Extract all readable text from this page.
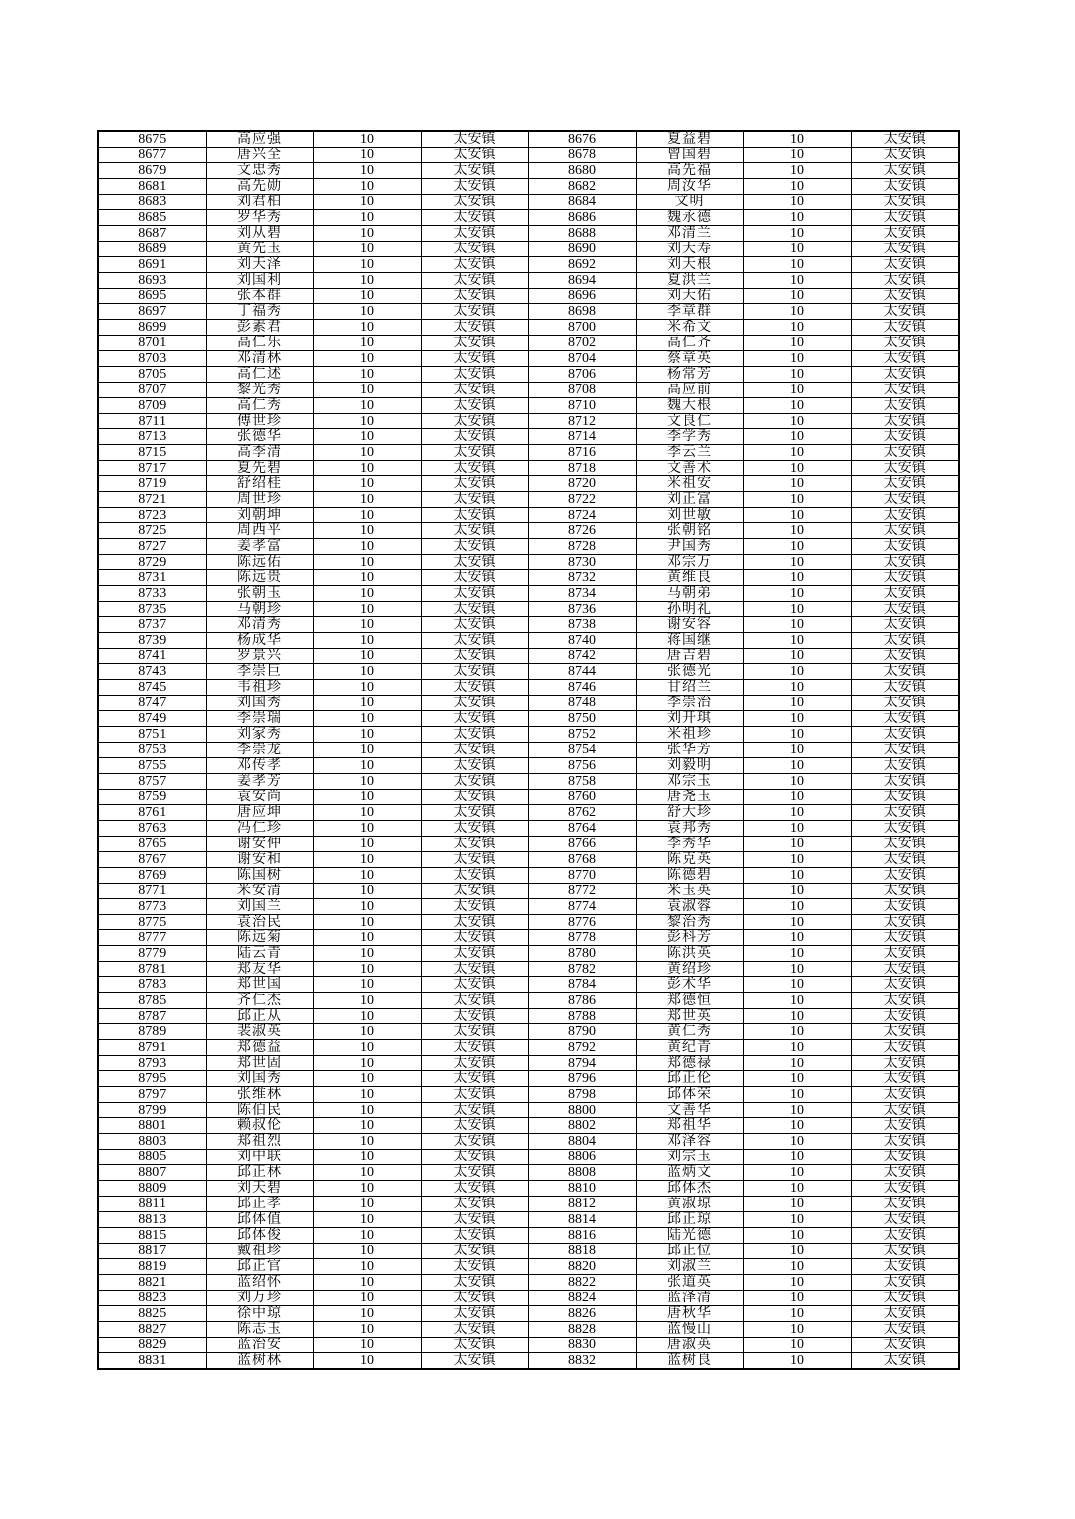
8675	高应强	10	太安镇	8676	夏益碧	10	太安镇
8677	唐兴全	10	太安镇	8678	曾国碧	10	太安镇
8679	文忠秀	10	太安镇	8680	高先福	10	太安镇
8681	高先勋	10	太安镇	8682	周汝华	10	太安镇
8683	刘君柏	10	太安镇	8684	文明	10	太安镇
8685	罗华秀	10	太安镇	8686	魏永德	10	太安镇
8687	刘从碧	10	太安镇	8688	邓清兰	10	太安镇
8689	黄先玉	10	太安镇	8690	刘天寿	10	太安镇
8691	刘天泽	10	太安镇	8692	刘天根	10	太安镇
8693	刘国利	10	太安镇	8694	夏洪兰	10	太安镇
8695	张本群	10	太安镇	8696	刘天佑	10	太安镇
8697	丁福秀	10	太安镇	8698	李章群	10	太安镇
8699	彭素君	10	太安镇	8700	米希文	10	太安镇
8701	高仁乐	10	太安镇	8702	高仁齐	10	太安镇
8703	邓清林	10	太安镇	8704	蔡章英	10	太安镇
8705	高仁述	10	太安镇	8706	杨常芳	10	太安镇
8707	黎光秀	10	太安镇	8708	高应前	10	太安镇
8709	高仁秀	10	太安镇	8710	魏大根	10	太安镇
8711	傅世珍	10	太安镇	8712	文良仁	10	太安镇
8713	张德华	10	太安镇	8714	李学秀	10	太安镇
8715	高李清	10	太安镇	8716	李云兰	10	太安镇
8717	夏先碧	10	太安镇	8718	文善术	10	太安镇
8719	舒绍桂	10	太安镇	8720	米祖安	10	太安镇
8721	周世珍	10	太安镇	8722	刘正富	10	太安镇
8723	刘朝坤	10	太安镇	8724	刘世敏	10	太安镇
8725	周西平	10	太安镇	8726	张朝铭	10	太安镇
8727	姜孝富	10	太安镇	8728	尹国秀	10	太安镇
8729	陈远佑	10	太安镇	8730	邓宗万	10	太安镇
8731	陈远贵	10	太安镇	8732	黄维良	10	太安镇
8733	张朝玉	10	太安镇	8734	马朝弟	10	太安镇
8735	马朝珍	10	太安镇	8736	孙明礼	10	太安镇
8737	邓清秀	10	太安镇	8738	谢安容	10	太安镇
8739	杨成华	10	太安镇	8740	蒋国继	10	太安镇
8741	罗景兴	10	太安镇	8742	唐吉碧	10	太安镇
8743	李崇巨	10	太安镇	8744	张德光	10	太安镇
8745	韦祖珍	10	太安镇	8746	甘绍兰	10	太安镇
8747	刘国秀	10	太安镇	8748	李崇治	10	太安镇
8749	李崇瑞	10	太安镇	8750	刘开琪	10	太安镇
8751	刘家秀	10	太安镇	8752	米祖珍	10	太安镇
8753	李崇龙	10	太安镇	8754	张华芳	10	太安镇
8755	邓传孝	10	太安镇	8756	刘毅明	10	太安镇
8757	姜孝芳	10	太安镇	8758	邓宗玉	10	太安镇
8759	袁安尚	10	太安镇	8760	唐尧玉	10	太安镇
8761	唐应坤	10	太安镇	8762	舒大珍	10	太安镇
8763	冯仁珍	10	太安镇	8764	袁邦秀	10	太安镇
8765	谢安仲	10	太安镇	8766	李秀华	10	太安镇
8767	谢安和	10	太安镇	8768	陈克英	10	太安镇
8769	陈国树	10	太安镇	8770	陈德碧	10	太安镇
8771	米安清	10	太安镇	8772	米玉英	10	太安镇
8773	刘国兰	10	太安镇	8774	袁淑蓉	10	太安镇
8775	袁治民	10	太安镇	8776	黎治秀	10	太安镇
8777	陈远菊	10	太安镇	8778	彭科芳	10	太安镇
8779	陆云青	10	太安镇	8780	陈洪英	10	太安镇
8781	郑友华	10	太安镇	8782	黄绍珍	10	太安镇
8783	郑世国	10	太安镇	8784	彭术华	10	太安镇
8785	齐仁杰	10	太安镇	8786	郑德恒	10	太安镇
8787	邱正从	10	太安镇	8788	郑世英	10	太安镇
8789	裴淑英	10	太安镇	8790	黄仁秀	10	太安镇
8791	郑德益	10	太安镇	8792	黄纪青	10	太安镇
8793	郑世固	10	太安镇	8794	郑德禄	10	太安镇
8795	刘国秀	10	太安镇	8796	邱正伦	10	太安镇
8797	张维林	10	太安镇	8798	邱体荣	10	太安镇
8799	陈伯民	10	太安镇	8800	文善华	10	太安镇
8801	赖叔伦	10	太安镇	8802	郑祖华	10	太安镇
8803	郑祖烈	10	太安镇	8804	邓泽容	10	太安镇
8805	刘中联	10	太安镇	8806	刘宗玉	10	太安镇
8807	邱正林	10	太安镇	8808	蓝炳文	10	太安镇
8809	刘天碧	10	太安镇	8810	邱体杰	10	太安镇
8811	邱正孝	10	太安镇	8812	黄淑琼	10	太安镇
8813	邱体值	10	太安镇	8814	邱正琼	10	太安镇
8815	邱体俊	10	太安镇	8816	陆光德	10	太安镇
8817	戴祖珍	10	太安镇	8818	邱正位	10	太安镇
8819	邱正官	10	太安镇	8820	刘淑兰	10	太安镇
8821	蓝绍怀	10	太安镇	8822	张道英	10	太安镇
8823	刘万珍	10	太安镇	8824	蓝泽清	10	太安镇
8825	徐中琼	10	太安镇	8826	唐秋华	10	太安镇
8827	陈志玉	10	太安镇	8828	蓝慢山	10	太安镇
8829	蓝治安	10	太安镇	8830	唐淑英	10	太安镇
8831	蓝树林	10	太安镇	8832	蓝树良	10	太安镇
